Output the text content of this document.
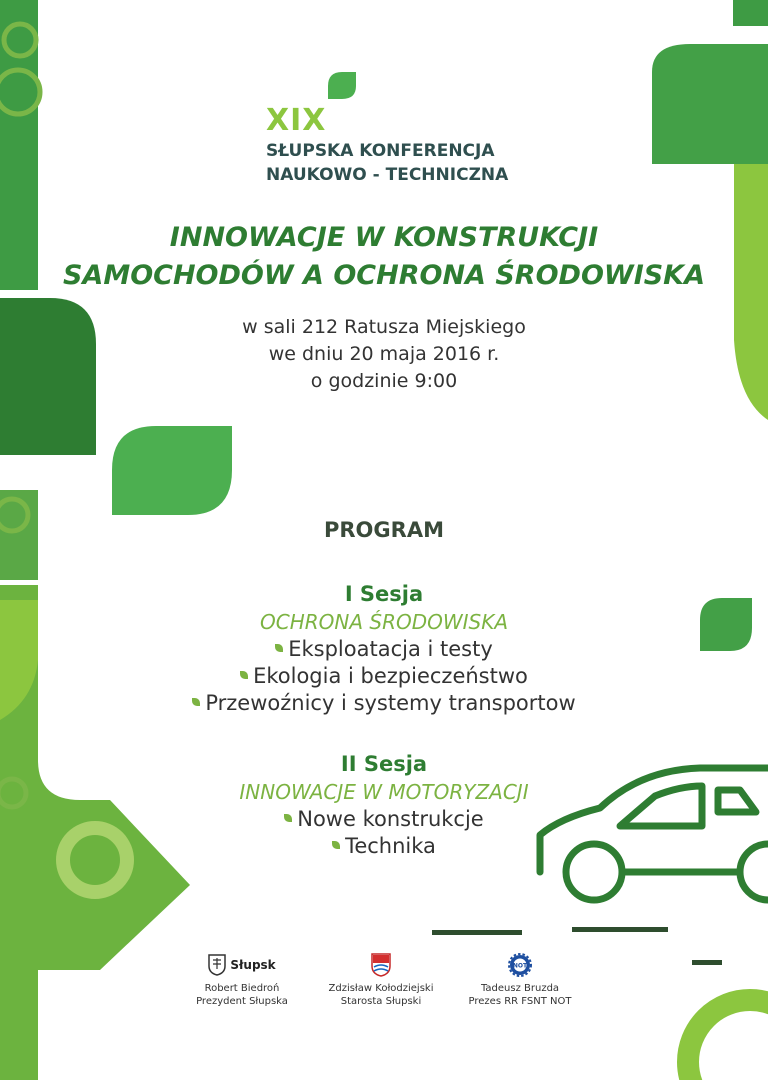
XIX
SŁUPSKA KONFERENCJA
NAUKOWO - TECHNICZNA
INNOWACJE W KONSTRUKCJI
SAMOCHODÓW A OCHRONA ŚRODOWISKA
w sali 212 Ratusza Miejskiego
we dniu 20 maja 2016 r.
o godzinie 9:00
PROGRAM
I Sesja
OCHRONA ŚRODOWISKA
Eksploatacja i testy
Ekologia i bezpieczeństwo
Przewoźnicy i systemy transportow
II Sesja
INNOWACJE W MOTORYZACJI
Nowe konstrukcje
Technika
Słupsk
Robert Biedroń
Prezydent Słupska
Zdzisław Kołodziejski
Starosta Słupski
NOT
Tadeusz Bruzda
Prezes RR FSNT NOT
